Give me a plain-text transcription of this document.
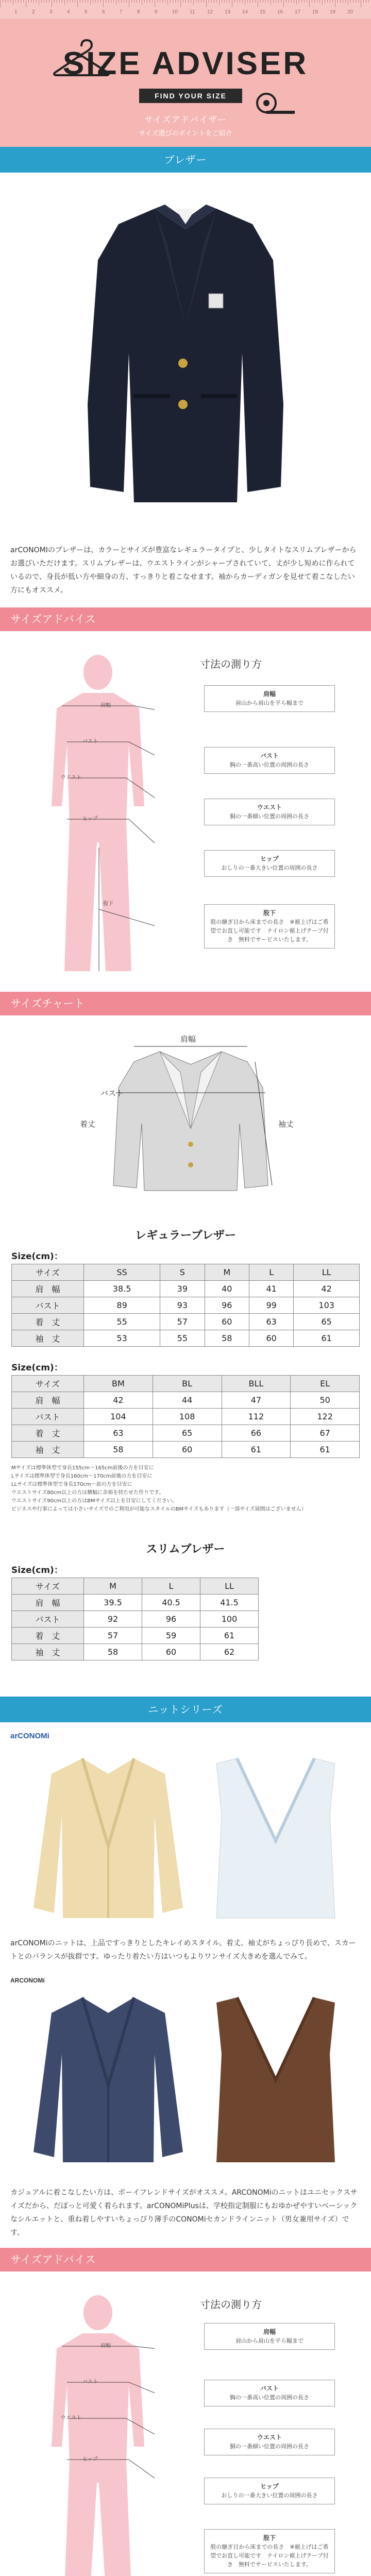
1	2	3	4	5	6	7	8	9	10 11 12 13 14 15 16 17 18 19 20
SIZE ADVISER
FIND YOUR SIZE
サイズアドバイザー
サイズ選びのポイントをご紹介
ブレザー
arCONOMIのブレザーは、カラーとサイズが豊富なレギュラータイプと、少しタイトなスリムブレザーからお選びいただけます。スリムブレザーは、ウエストラインがシャープされていて、丈が少し短めに作られているので、身長が低い方や細身の方、すっきりと着こなせます。袖からカーディガンを見せて着こなしたい方にもオススメ。
サイズアドバイス
肩幅
バスト
ウエスト
ヒップ
股下
寸法の測り方
肩幅
肩山から肩山を平ら幅まで
バスト
胸の一番高い位置の周囲の長さ
ウエスト
胴の一番細い位置の周囲の長さ
ヒップ
おしりの一番大きい位置の周囲の長さ
股下
股の継ぎ目から床までの長さ　※裾上げはご希望でお直し可能です　ナイロン裾上げテープ付き　無料でサービスいたします。
サイズチャート
肩幅
バスト
着丈	袖丈
レギュラーブレザー
Size(cm)：
サイズ	SS	S	M	L	LL
肩　幅	38.5	39	40	41	42
バスト	89	93	96	99	103
着　丈	55	57	60	63	65
袖　丈	53	55	58	60	61
Size(cm)：
サイズ	BM	BL	BLL	EL
肩　幅	42	44	47	50
バスト	104	108	112	122
着　丈	63	65	66	67
袖　丈	58	60	61	61
Mサイズは標準体型で身長155cm〜165cm前後の方を目安に
Lサイズは標準体型で身長160cm〜170cm前後の方を目安に
LLサイズは標準体型で身長170cm〜前の方を目安に
ウエストサイズ80cm以上の方は横幅に余裕を持たせた作りです。
ウエストサイズ90cm以上の方はBMサイズ以上を目安にしてください。
ビジネスや行事によっては小さいサイズでのご利用が可能なスタイルのBMサイズもあります（一部サイズ展開はございません）
スリムブレザー
Size(cm)：
サイズ	M	L	LL
肩　幅	39.5	40.5	41.5
バスト	92	96	100
着　丈	57	59	61
袖　丈	58	60	62
ニットシリーズ
arCONOMi
arCONOMiのニットは、上品ですっきりとしたキレイめスタイル。着丈、袖丈がちょっぴり長めで、スカートとのバランスが抜群です。ゆったり着たい方はいつもよりワンサイズ大きめを選んでみて。
ARCONOMi
カジュアルに着こなしたい方は、ボーイフレンドサイズがオススメ。ARCONOMiのニットはユニセックスサイズだから、だぼっと可愛く着られます。arCONOMiPlusは、学校指定制服にもおゆかぜやすいベーシックなシルエットと、重ね着しやすいちょっぴり薄手のCONOMiセカンドラインニット（男女兼用サイズ）です。
サイズアドバイス
肩幅
バスト
ウエスト
ヒップ
寸法の測り方
肩幅
肩山から肩山を平ら幅まで
バスト
胸の一番高い位置の周囲の長さ
ウエスト
胴の一番細い位置の周囲の長さ
ヒップ
おしりの一番大きい位置の周囲の長さ
股下
股の継ぎ目から床までの長さ　※裾上げはご希望でお直し可能です　ナイロン裾上げテープ付き　無料でサービスいたします。
